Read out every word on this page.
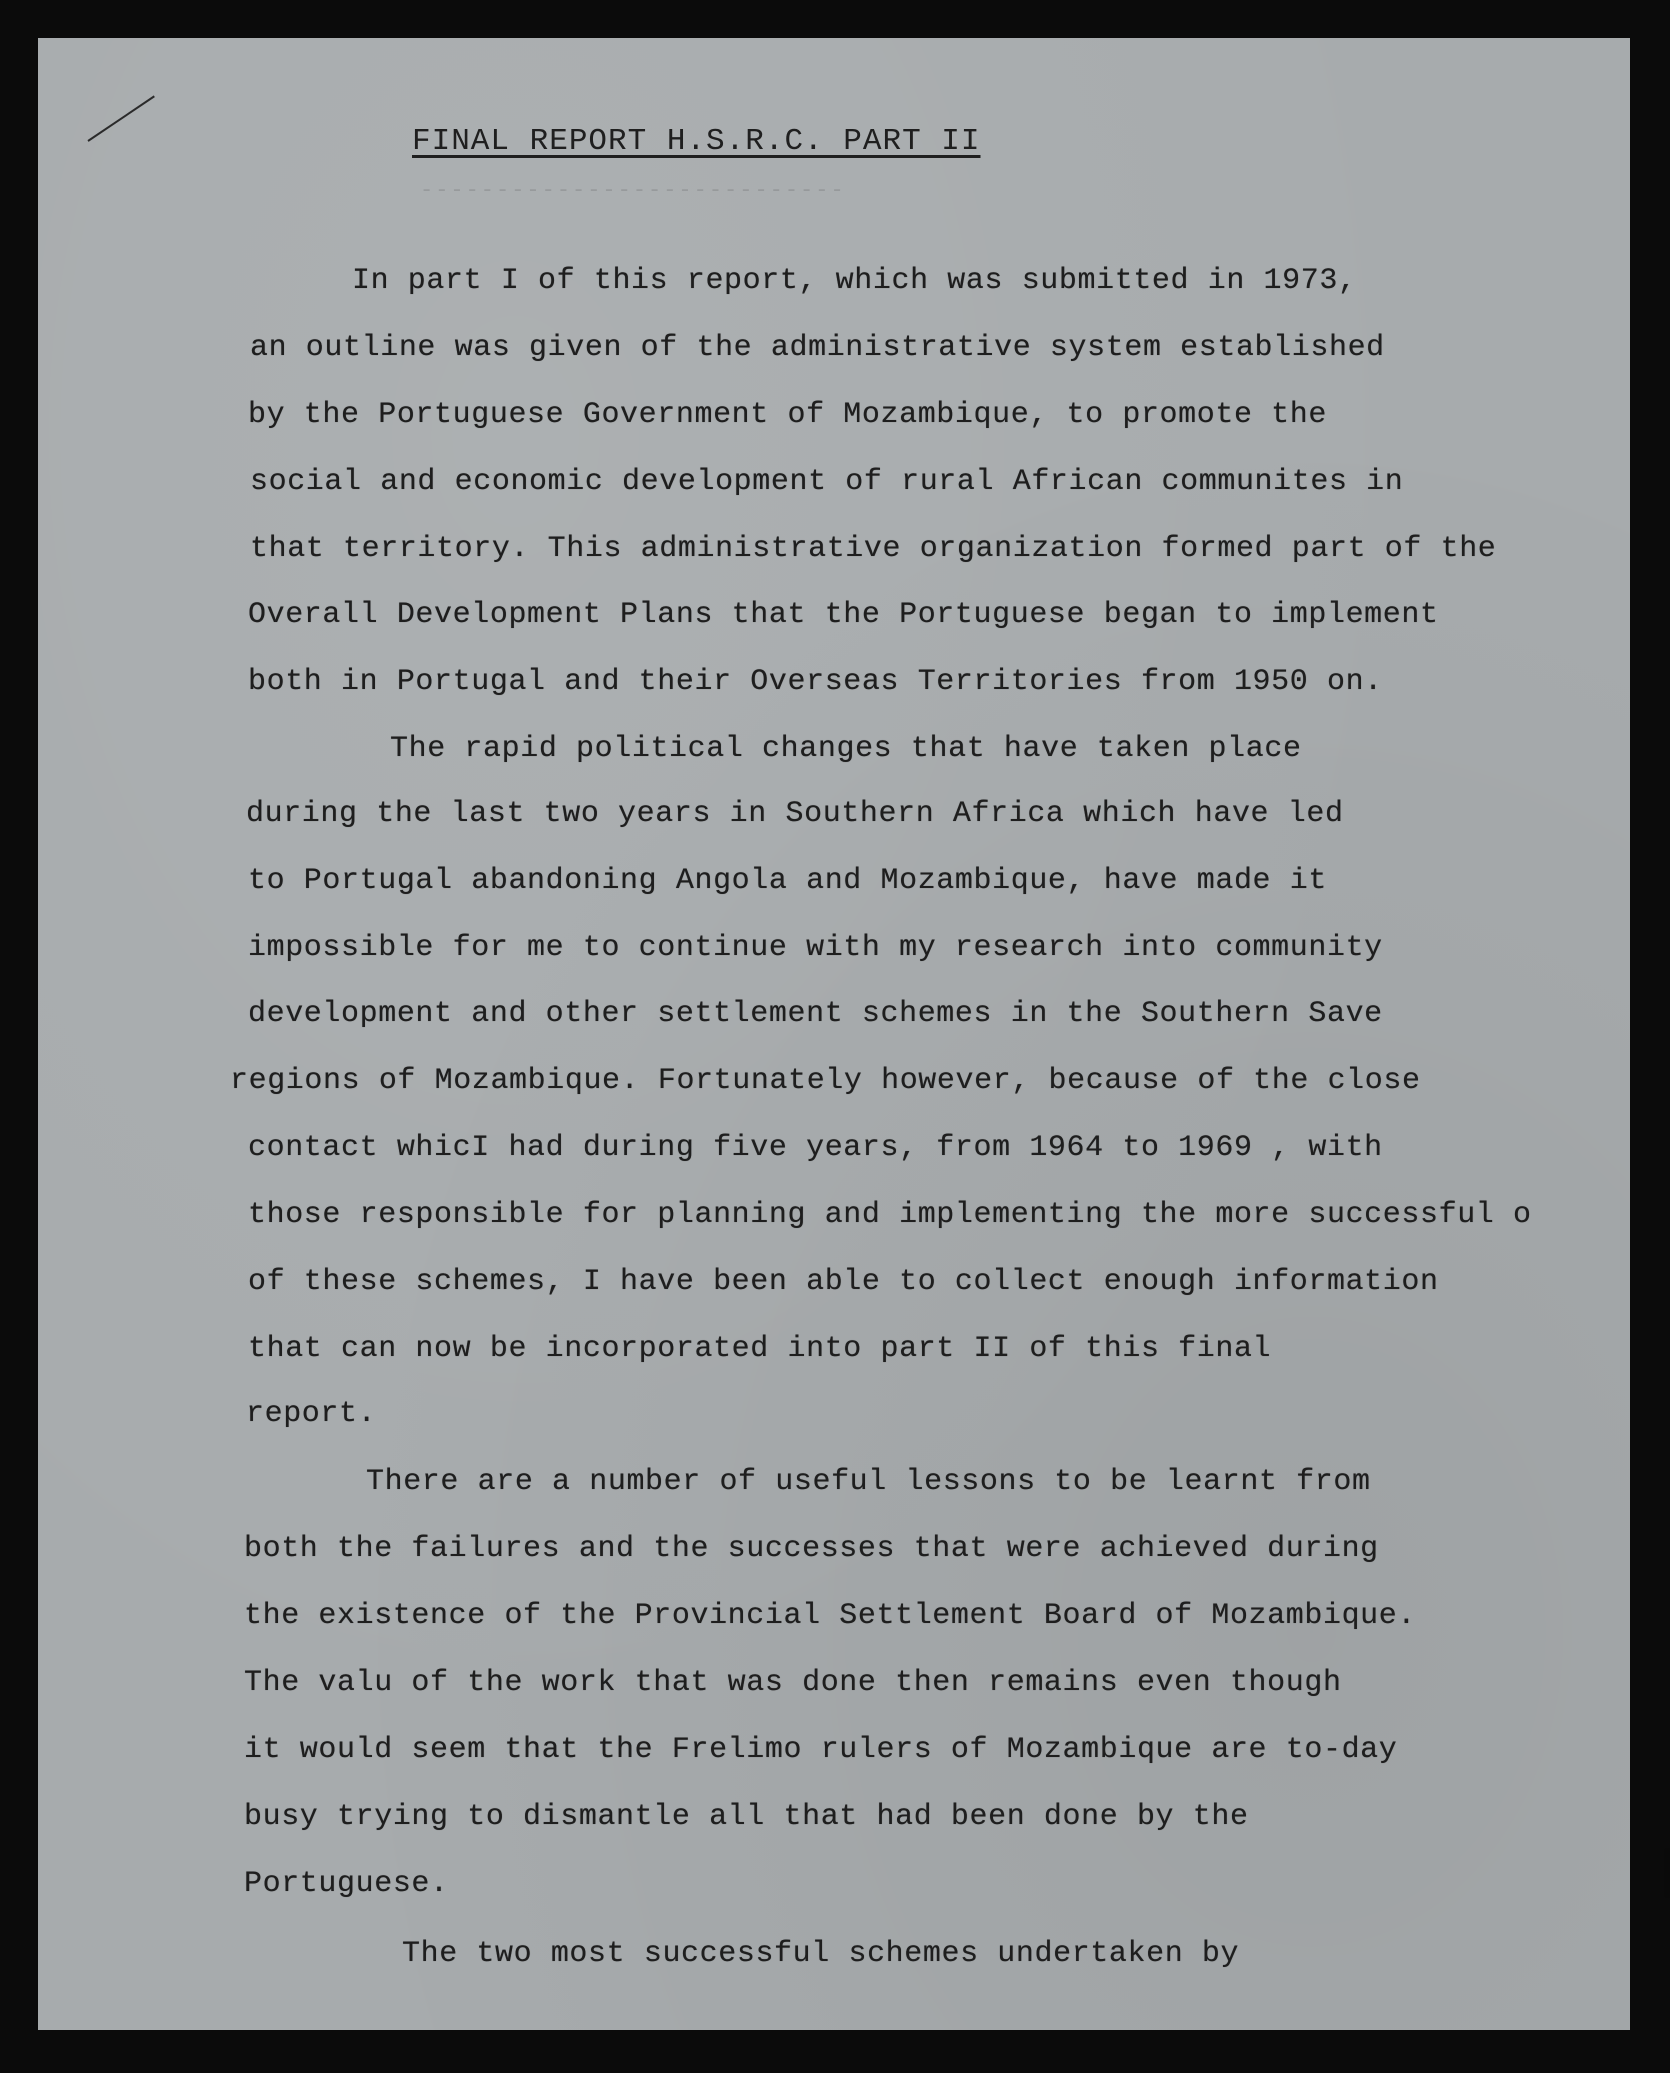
FINAL REPORT H.S.R.C. PART II
----------------------------
In part I of this report, which was submitted in 1973,
an outline was given of the administrative system established
by the Portuguese Government of Mozambique, to promote the
social and economic development of rural African communites in
that territory. This administrative organization formed part of the
Overall Development Plans that the Portuguese began to implement
both in Portugal and their Overseas Territories from 1950 on.
The rapid political changes that have taken place
during the last two years in Southern Africa which have led
to Portugal abandoning Angola and Mozambique, have made it
impossible for me to continue with my research into community
development and other settlement schemes in the Southern Save
regions of Mozambique. Fortunately however, because of the close
contact whicI had during five years, from 1964 to 1969 , with
those responsible for planning and implementing the more successful o
of these schemes, I have been able to collect enough information
that can now be incorporated into part II of this final
report.
There are a number of useful lessons to be learnt from
both the failures and the successes that were achieved during
the existence of the Provincial Settlement Board of Mozambique.
The valu of the work that was done then remains even though
it would seem that the Frelimo rulers of Mozambique are to-day
busy trying to dismantle all that had been done by the
Portuguese.
The two most successful schemes undertaken by
